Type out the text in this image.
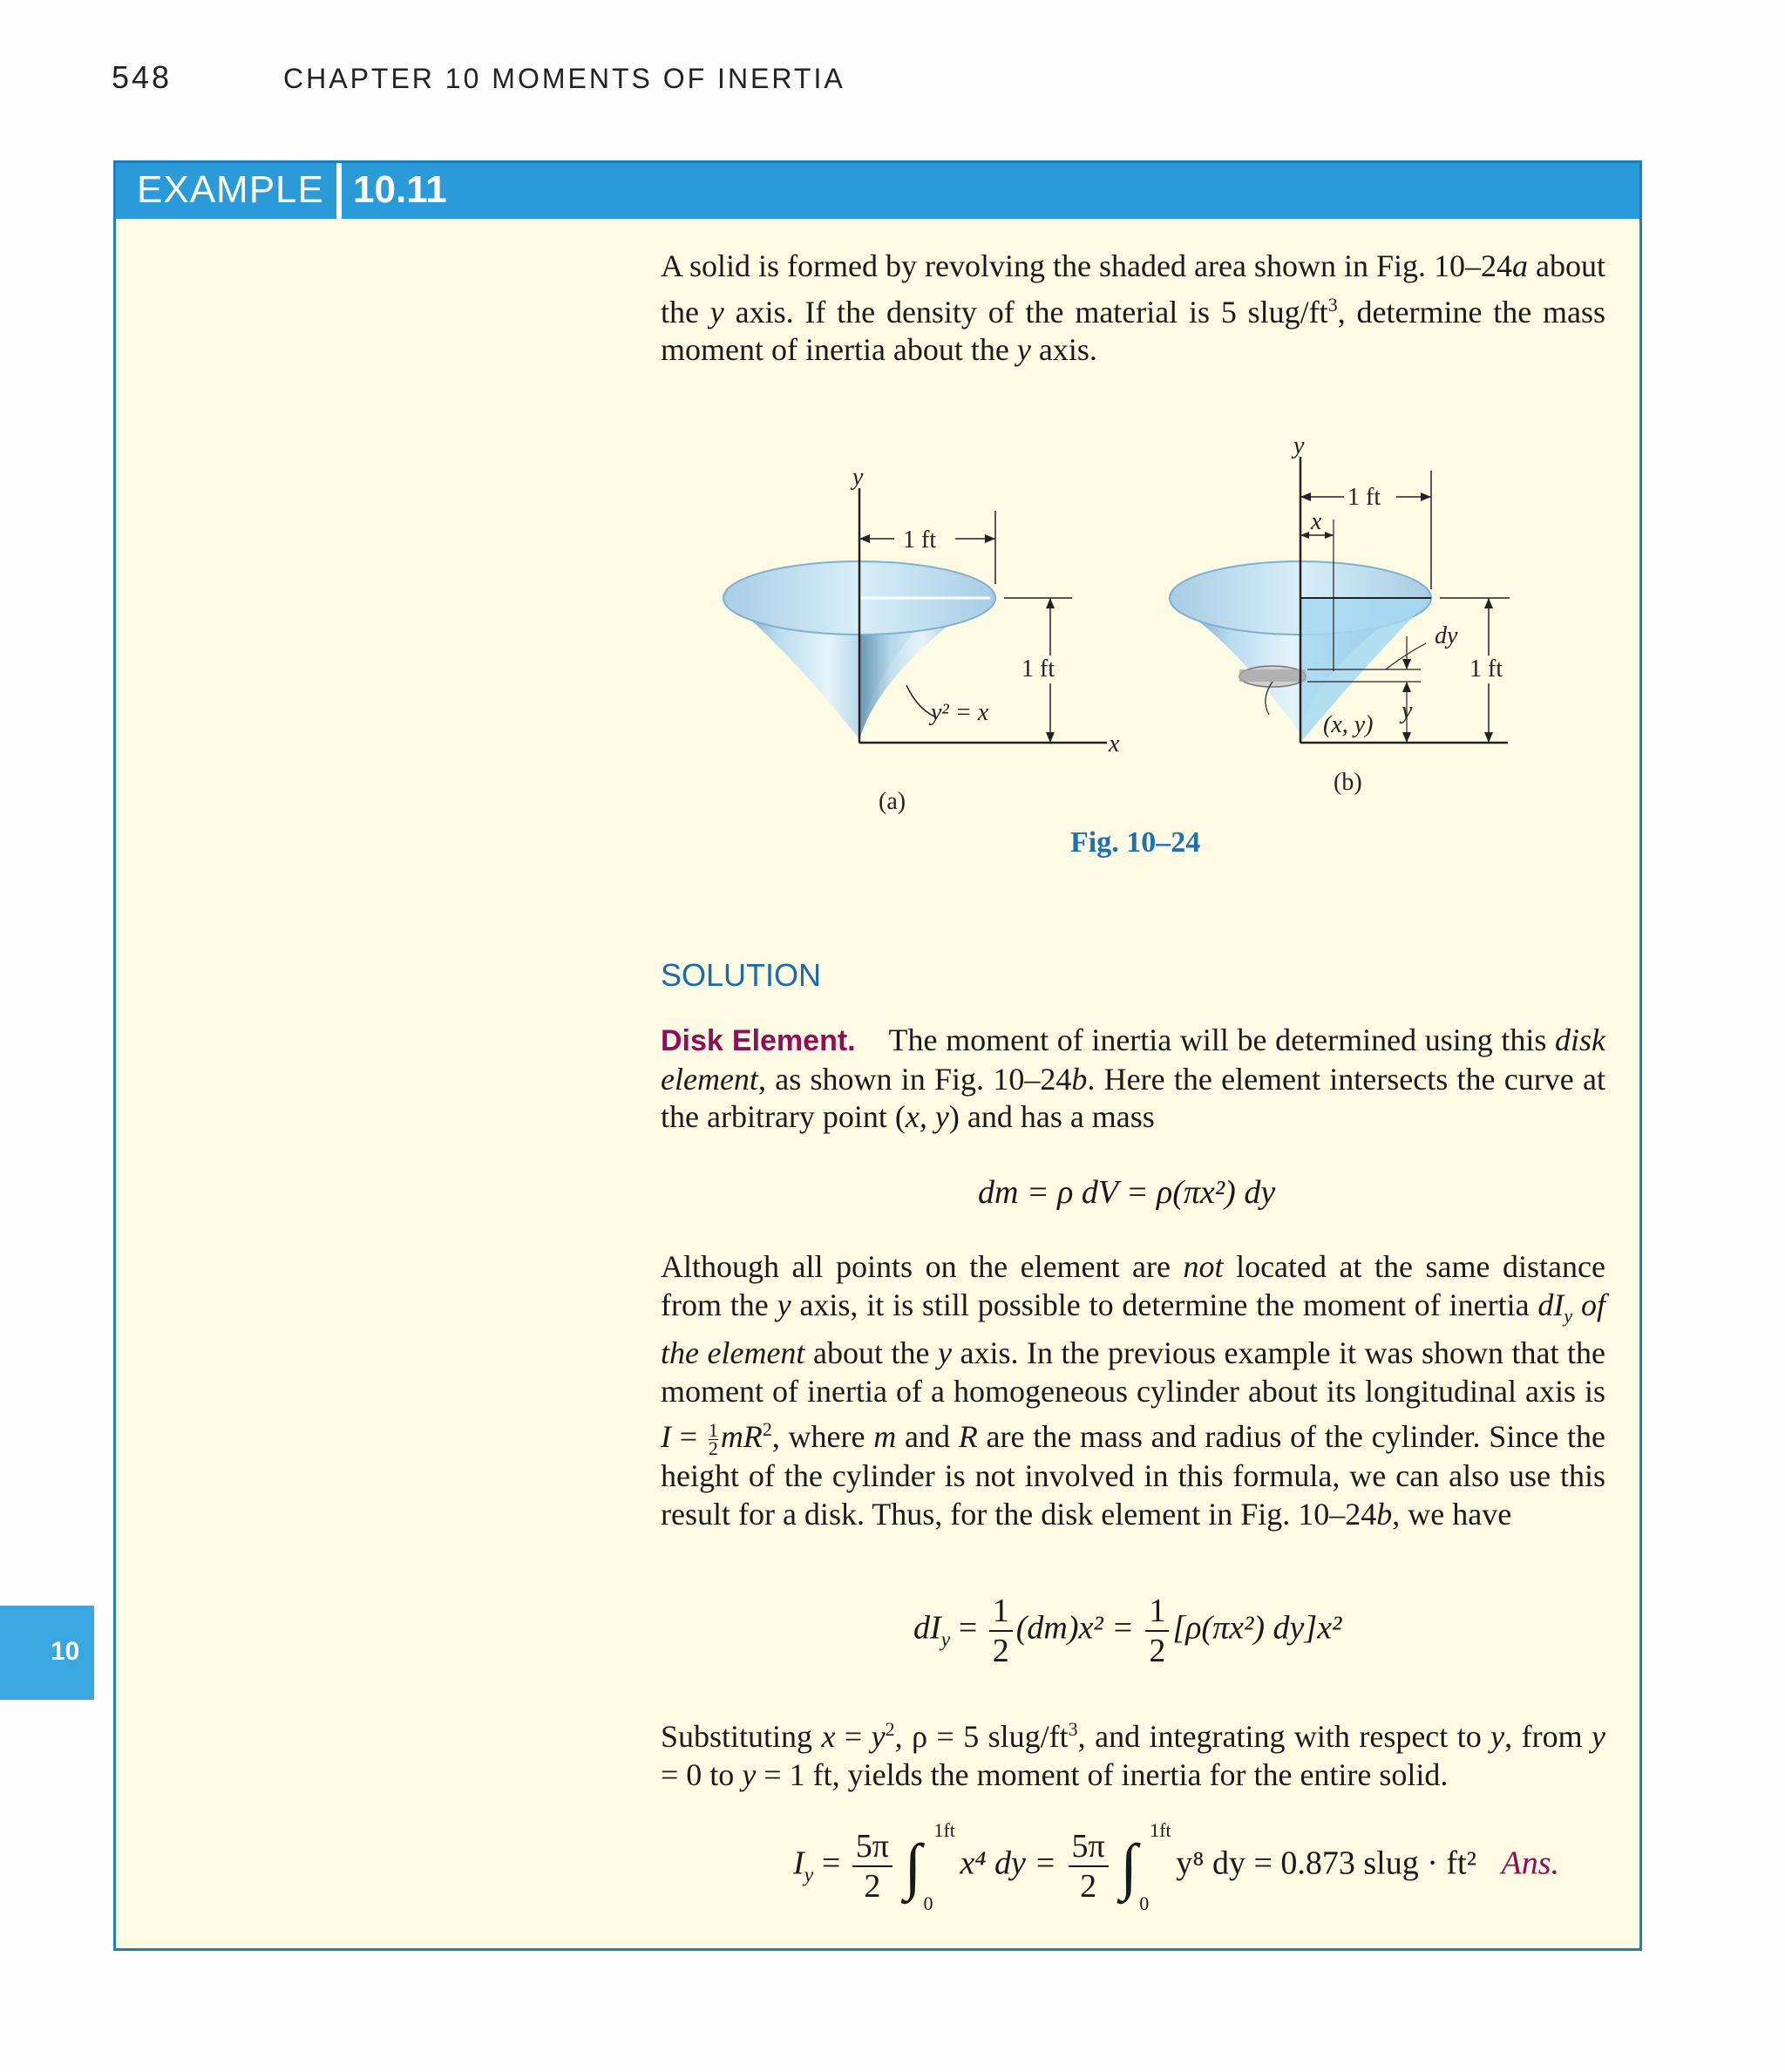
548	CHAPTER 10 MOMENTS OF INERTIA
EXAMPLE 10.11
A solid is formed by revolving the shaded area shown in Fig. 10–24a about the y axis. If the density of the material is 5 slug/$ft^3$, determine the mass moment of inertia about the y axis.
y
1 ft
1 ft
y² = x
x
(a)
y
1 ft
x
dy
1 ft
(x, y)
y
(b)
Fig. 10–24
SOLUTION
Disk Element. The moment of inertia will be determined using this disk element, as shown in Fig. 10–24b. Here the element intersects the curve at the arbitrary point (x, y) and has a mass
dm = ρ dV = ρ(πx²) dy
Although all points on the element are not located at the same distance from the y axis, it is still possible to determine the moment of inertia $dI_y$ of the element about the y axis. In the previous example it was shown that the moment of inertia of a homogeneous cylinder about its longitudinal axis is $I = \frac{1}{2} mR^2$, where m and R are the mass and radius of the cylinder. Since the height of the cylinder is not involved in this formula, we can also use this result for a disk. Thus, for the disk element in Fig. 10–24b, we have
$dI_y = \frac{1}{2} (dm)x^2 = \frac{1}{2} [\rho(\pi x^2)$ dy]x²
Substituting $x = y^2$, ρ = 5 slug/$ft^3$, and integrating with respect to y, from y = 0 to y = 1 ft, yields the moment of inertia for the entire solid.
$I_y = \frac{5\pi}{2}$ ∫
1ft
0
x⁴ dy = $\frac{5\pi}{2}$ ∫
1ft
0
y⁸ dy = 0.873 slug · ft² Ans.
10
